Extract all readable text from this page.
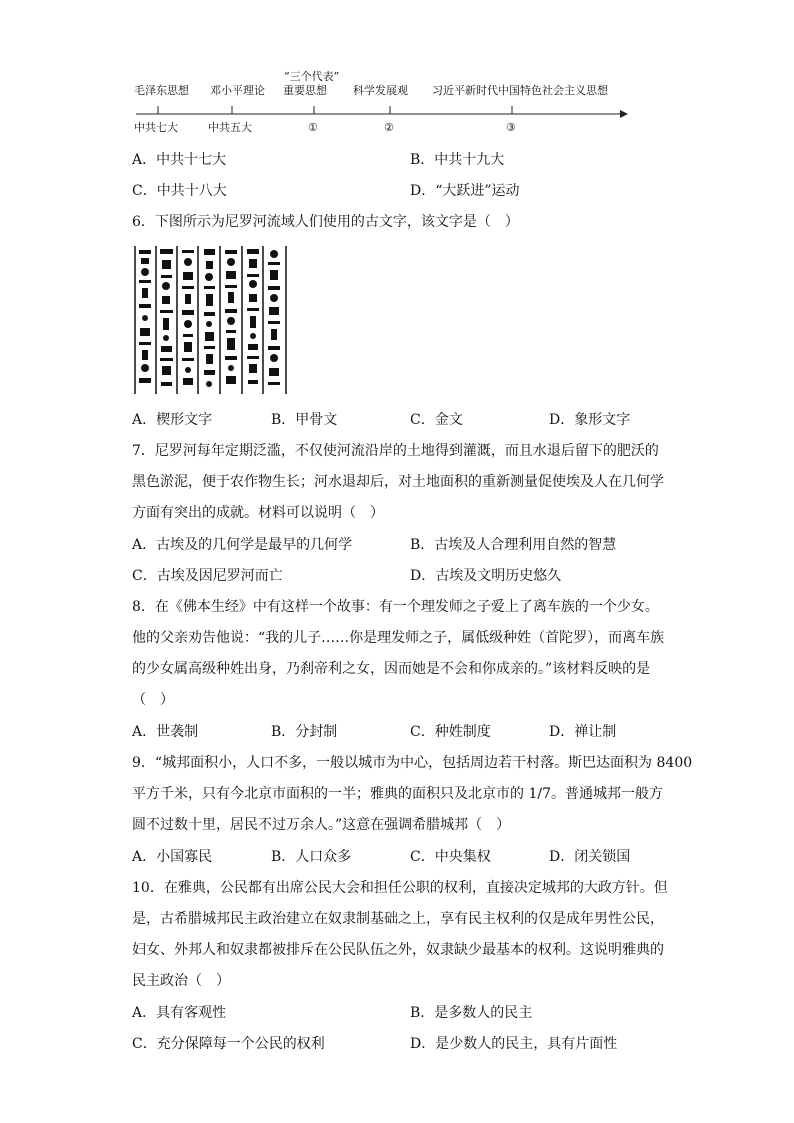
毛泽东思想 邓小平理论
“三个代表”
重要思想 科学发展观 习近平新时代中国特色社会主义思想
中共七大	中共五大	①	②	③
A．中共十七大	B．中共十九大
C．中共十八大	D．“大跃进”运动
6．下图所示为尼罗河流域人们使用的古文字，该文字是（　）
A．楔形文字	B．甲骨文	C．金文	D．象形文字
7．尼罗河每年定期泛滥，不仅使河流沿岸的土地得到灌溉，而且水退后留下的肥沃的
黑色淤泥，便于农作物生长；河水退却后，对土地面积的重新测量促使埃及人在几何学
方面有突出的成就。材料可以说明（　）
A．古埃及的几何学是最早的几何学	B．古埃及人合理利用自然的智慧
C．古埃及因尼罗河而亡	D．古埃及文明历史悠久
8．在《佛本生经》中有这样一个故事：有一个理发师之子爱上了离车族的一个少女。
他的父亲劝告他说：“我的儿子……你是理发师之子，属低级种姓（首陀罗），而离车族
的少女属高级种姓出身，乃刹帝利之女，因而她是不会和你成亲的。”该材料反映的是
（　）
A．世袭制	B．分封制	C．种姓制度	D．禅让制
9．“城邦面积小，人口不多，一般以城市为中心，包括周边若干村落。斯巴达面积为 8400
平方千米，只有今北京市面积的一半；雅典的面积只及北京市的 1/7。普通城邦一般方
圆不过数十里，居民不过万余人。”这意在强调希腊城邦（　）
A．小国寡民	B．人口众多	C．中央集权	D．闭关锁国
10．在雅典，公民都有出席公民大会和担任公职的权利，直接决定城邦的大政方针。但
是，古希腊城邦民主政治建立在奴隶制基础之上，享有民主权利的仅是成年男性公民，
妇女、外邦人和奴隶都被排斥在公民队伍之外，奴隶缺少最基本的权利。这说明雅典的
民主政治（　）
A．具有客观性	B．是多数人的民主
C．充分保障每一个公民的权利	D．是少数人的民主，具有片面性
